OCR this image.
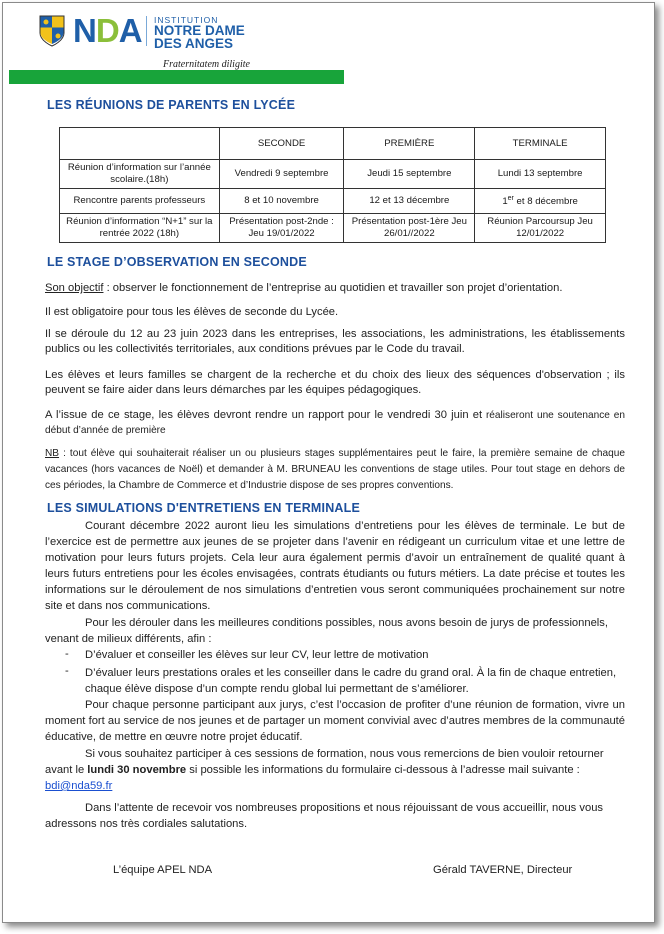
NDA INSTITUTION
NOTRE DAME
DES ANGES
Fraternitatem diligite
LES RÉUNIONS DE PARENTS EN LYCÉE
	SECONDE	PREMIÈRE	TERMINALE
Réunion d’information sur l’année scolaire.(18h)	Vendredi 9 septembre	Jeudi 15 septembre	Lundi 13 septembre
Rencontre parents professeurs	8 et 10 novembre	12 et 13 décembre	1er et 8 décembre
Réunion d’information “N+1” sur la rentrée 2022 (18h)	Présentation post-2nde : Jeu 19/01/2022	Présentation post-1ère Jeu 26/01//2022	Réunion Parcoursup Jeu 12/01/2022
LE STAGE D’OBSERVATION EN SECONDE
Son objectif : observer le fonctionnement de l’entreprise au quotidien et travailler son projet d’orientation.
Il est obligatoire pour tous les élèves de seconde du Lycée.
Il se déroule du 12 au 23 juin 2023 dans les entreprises, les associations, les administrations, les établissements publics ou les collectivités territoriales, aux conditions prévues par le Code du travail.
Les élèves et leurs familles se chargent de la recherche et du choix des lieux des séquences d'observation ; ils peuvent se faire aider dans leurs démarches par les équipes pédagogiques.
A l’issue de ce stage, les élèves devront rendre un rapport pour le vendredi 30 juin et réaliseront une soutenance en début d’année de première
NB : tout élève qui souhaiterait réaliser un ou plusieurs stages supplémentaires peut le faire, la première semaine de chaque vacances (hors vacances de Noël) et demander à M. BRUNEAU les conventions de stage utiles. Pour tout stage en dehors de ces périodes, la Chambre de Commerce et d’Industrie dispose de ses propres conventions.
LES SIMULATIONS D'ENTRETIENS EN TERMINALE
Courant décembre 2022 auront lieu les simulations d’entretiens pour les élèves de terminale. Le but de l’exercice est de permettre aux jeunes de se projeter dans l’avenir en rédigeant un curriculum vitae et une lettre de motivation pour leurs futurs projets. Cela leur aura également permis d’avoir un entraînement de qualité quant à leurs futurs entretiens pour les écoles envisagées, contrats étudiants ou futurs métiers. La date précise et toutes les informations sur le déroulement de nos simulations d’entretien vous seront communiquées prochainement sur notre site et dans nos communications.
Pour les dérouler dans les meilleures conditions possibles, nous avons besoin de jurys de professionnels, venant de milieux différents, afin :
- D’évaluer et conseiller les élèves sur leur CV, leur lettre de motivation
- D’évaluer leurs prestations orales et les conseiller dans le cadre du grand oral. À la fin de chaque entretien, chaque élève dispose d’un compte rendu global lui permettant de s’améliorer.
Pour chaque personne participant aux jurys, c’est l’occasion de profiter d’une réunion de formation, vivre un moment fort au service de nos jeunes et de partager un moment convivial avec d’autres membres de la communauté éducative, de mettre en œuvre notre projet éducatif.
Si vous souhaitez participer à ces sessions de formation, nous vous remercions de bien vouloir retourner avant le lundi 30 novembre si possible les informations du formulaire ci-dessous à l’adresse mail suivante : bdi@nda59.fr
Dans l’attente de recevoir vos nombreuses propositions et nous réjouissant de vous accueillir, nous vous adressons nos très cordiales salutations.
L’équipe APEL NDA	Gérald TAVERNE, Directeur
